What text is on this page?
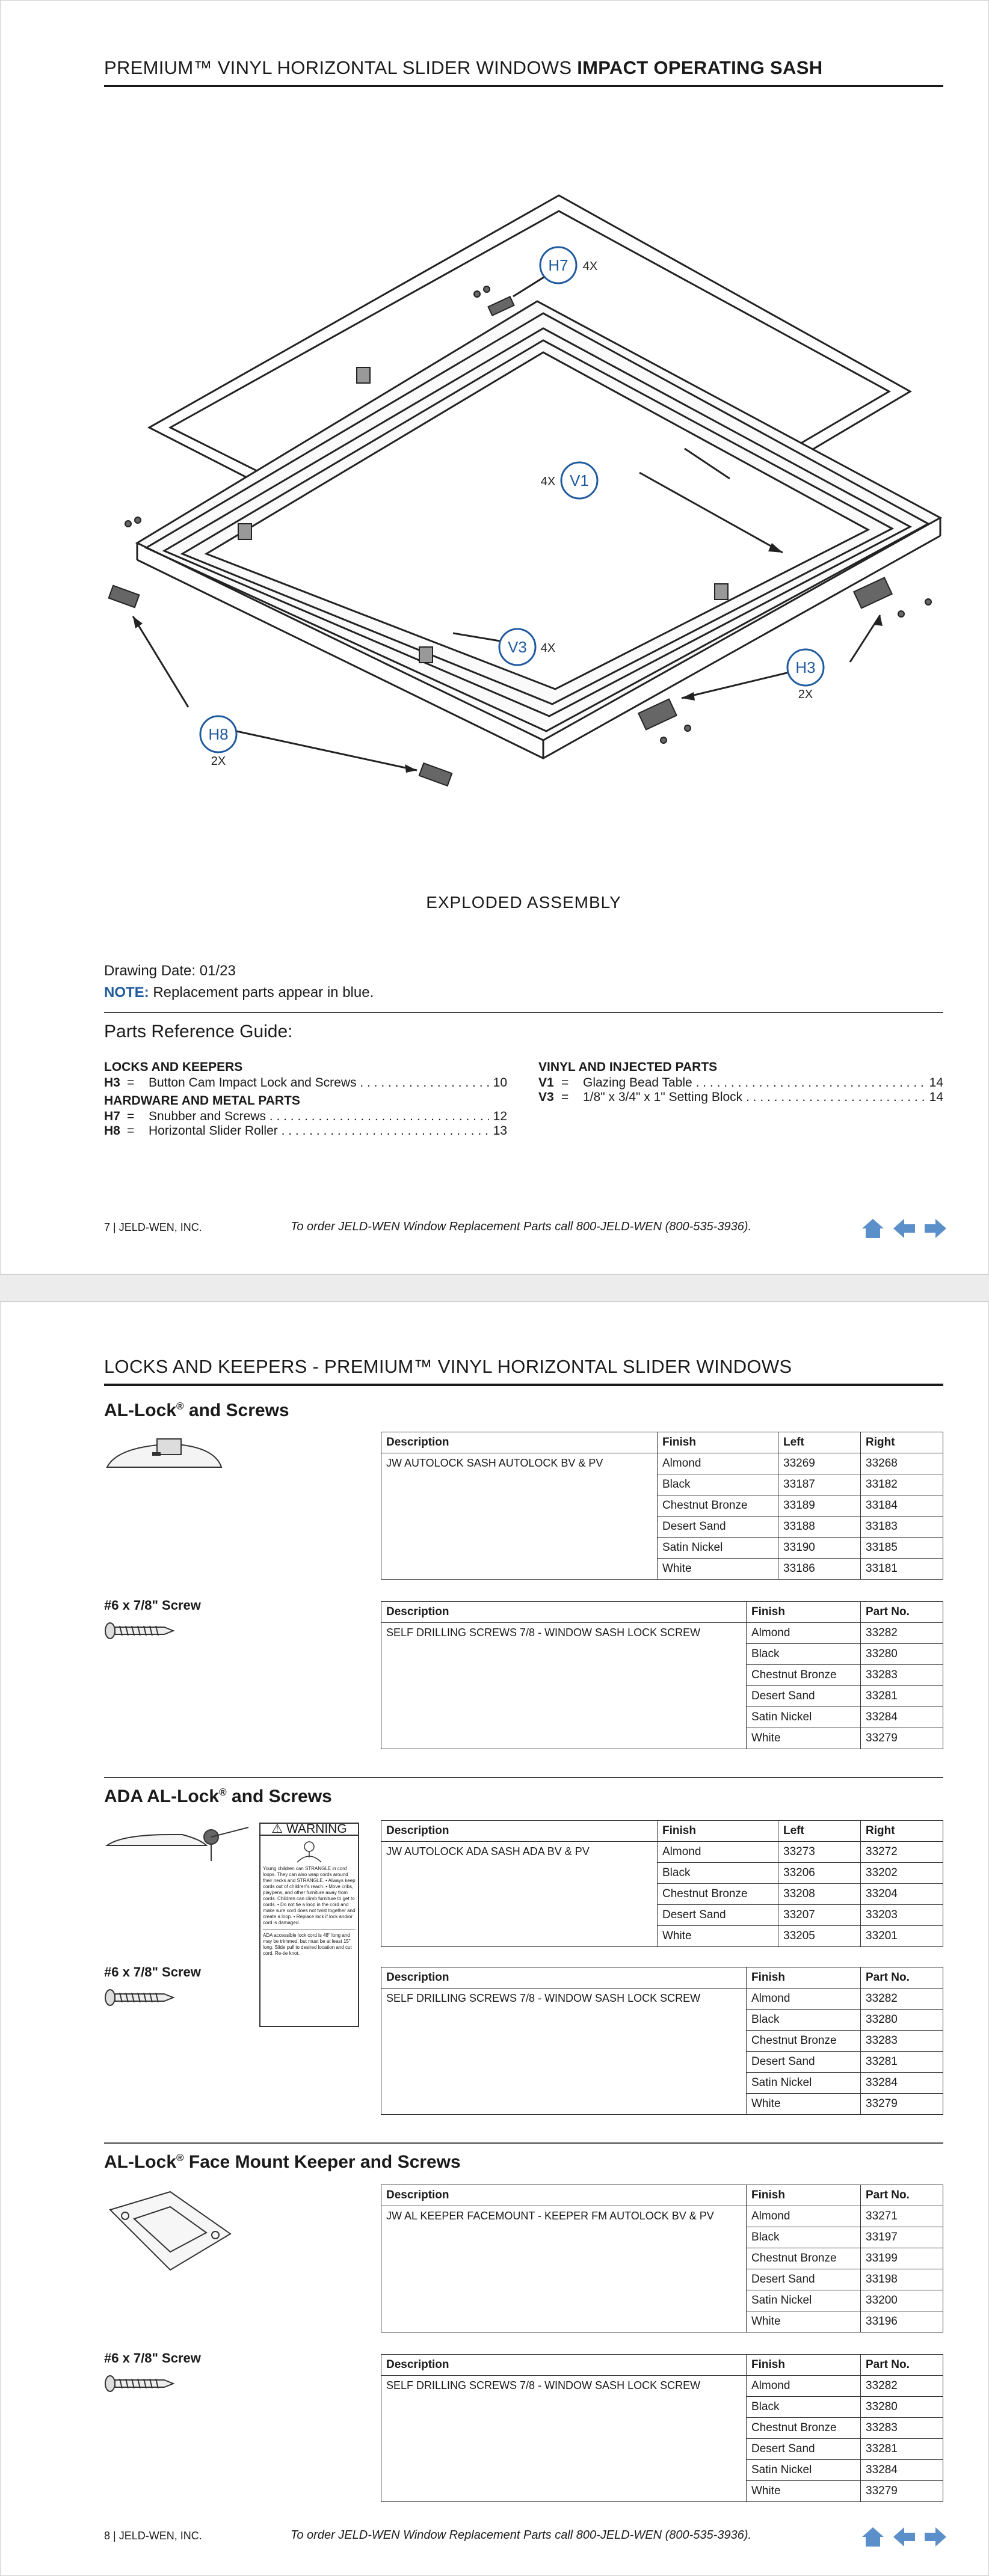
PREMIUM™ VINYL HORIZONTAL SLIDER WINDOWS IMPACT OPERATING SASH
H7
V1
V3
H3
H8
4X
4X
4X
2X
2X
EXPLODED ASSEMBLY
Drawing Date: 01/23
NOTE: Replacement parts appear in blue.
Parts Reference Guide:
LOCKS AND KEEPERS
H3 =	Button Cam Impact Lock and Screws . . .	10
HARDWARE AND METAL PARTS
H7 =	Snubber and Screws . . .	12
H8 =	Horizontal Slider Roller . . .	13
VINYL AND INJECTED PARTS
V1 =	Glazing Bead Table . . .	14
V3 =	1/8" x 3/4" x 1" Setting Block . . .	14
7 | JELD-WEN, INC.	To order JELD-WEN Window Replacement Parts call 800-JELD-WEN (800-535-3936).
LOCKS AND KEEPERS - PREMIUM™ VINYL HORIZONTAL SLIDER WINDOWS
AL-Lock® and Screws
Description	Finish	Left	Right
JW AUTOLOCK SASH AUTOLOCK BV & PV	Almond	33269	33268
	Black	33187	33182
	Chestnut Bronze	33189	33184
	Desert Sand	33188	33183
	Satin Nickel	33190	33185
	White	33186	33181
#6 x 7/8" Screw	Description	Finish	Part No.
SELF DRILLING SCREWS 7/8 - WINDOW SASH LOCK SCREW	Almond	33282
	Black	33280
	Chestnut Bronze	33283
	Desert Sand	33281
	Satin Nickel	33284
	White	33279
ADA AL-Lock® and Screws
⚠ WARNING
Young children can STRANGLE in cord loops. They can also wrap cords around their necks and STRANGLE. • Always keep cords out of children's reach. • Move cribs, playpens, and other furniture away from cords. Children can climb furniture to get to cords. • Do not tie a loop in the cord and make sure cord does not twist together and create a loop. • Replace lock if lock and/or cord is damaged.
ADA accessible lock cord is 48" long and may be trimmed, but must be at least 15" long. Slide pull to desired location and cut cord. Re-tie knot.
Description	Finish	Left	Right
JW AUTOLOCK ADA SASH ADA BV & PV	Almond	33273	33272
	Black	33206	33202
	Chestnut Bronze	33208	33204
	Desert Sand	33207	33203
	White	33205	33201
#6 x 7/8" Screw	Description	Finish	Part No.
SELF DRILLING SCREWS 7/8 - WINDOW SASH LOCK SCREW	Almond	33282
	Black	33280
	Chestnut Bronze	33283
	Desert Sand	33281
	Satin Nickel	33284
	White	33279
AL-Lock® Face Mount Keeper and Screws
Description	Finish	Part No.
JW AL KEEPER FACEMOUNT - KEEPER FM AUTOLOCK BV & PV	Almond	33271
	Black	33197
	Chestnut Bronze	33199
	Desert Sand	33198
	Satin Nickel	33200
	White	33196
#6 x 7/8" Screw	Description	Finish	Part No.
SELF DRILLING SCREWS 7/8 - WINDOW SASH LOCK SCREW	Almond	33282
	Black	33280
	Chestnut Bronze	33283
	Desert Sand	33281
	Satin Nickel	33284
	White	33279
8 | JELD-WEN, INC.	To order JELD-WEN Window Replacement Parts call 800-JELD-WEN (800-535-3936).
